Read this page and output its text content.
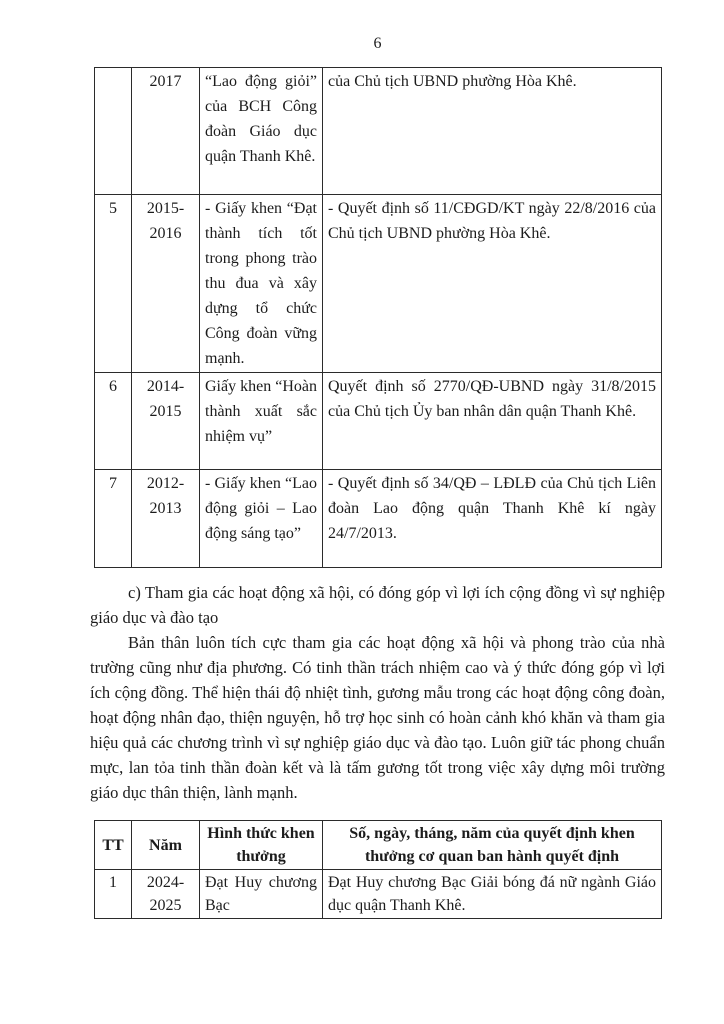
6
	2017	“Lao động giỏi” của BCH Công đoàn Giáo dục quận Thanh Khê.	của Chủ tịch UBND phường Hòa Khê.
5	2015-2016	- Giấy khen “Đạt thành tích tốt trong phong trào thu đua và xây dựng tổ chức Công đoàn vững mạnh.	- Quyết định số 11/CĐGD/KT ngày 22/8/2016 của Chủ tịch UBND phường Hòa Khê.
6	2014-2015	Giấy khen “Hoàn thành xuất sắc nhiệm vụ”	Quyết định số 2770/QĐ-UBND ngày 31/8/2015 của Chủ tịch Ủy ban nhân dân quận Thanh Khê.
7	2012-2013	- Giấy khen “Lao động giỏi – Lao động sáng tạo”	- Quyết định số 34/QĐ – LĐLĐ của Chủ tịch Liên đoàn Lao động quận Thanh Khê kí ngày 24/7/2013.

c) Tham gia các hoạt động xã hội, có đóng góp vì lợi ích cộng đồng vì sự nghiệp giáo dục và đào tạo

Bản thân luôn tích cực tham gia các hoạt động xã hội và phong trào của nhà trường cũng như địa phương. Có tinh thần trách nhiệm cao và ý thức đóng góp vì lợi ích cộng đồng. Thể hiện thái độ nhiệt tình, gương mẫu trong các hoạt động công đoàn, hoạt động nhân đạo, thiện nguyện, hỗ trợ học sinh có hoàn cảnh khó khăn và tham gia hiệu quả các chương trình vì sự nghiệp giáo dục và đào tạo. Luôn giữ tác phong chuẩn mực, lan tỏa tinh thần đoàn kết và là tấm gương tốt trong việc xây dựng môi trường giáo dục thân thiện, lành mạnh.

TT	Năm	Hình thức khen thưởng	Số, ngày, tháng, năm của quyết định khen thưởng cơ quan ban hành quyết định
1	2024-2025	Đạt Huy chương Bạc	Đạt Huy chương Bạc Giải bóng đá nữ ngành Giáo dục quận Thanh Khê.
